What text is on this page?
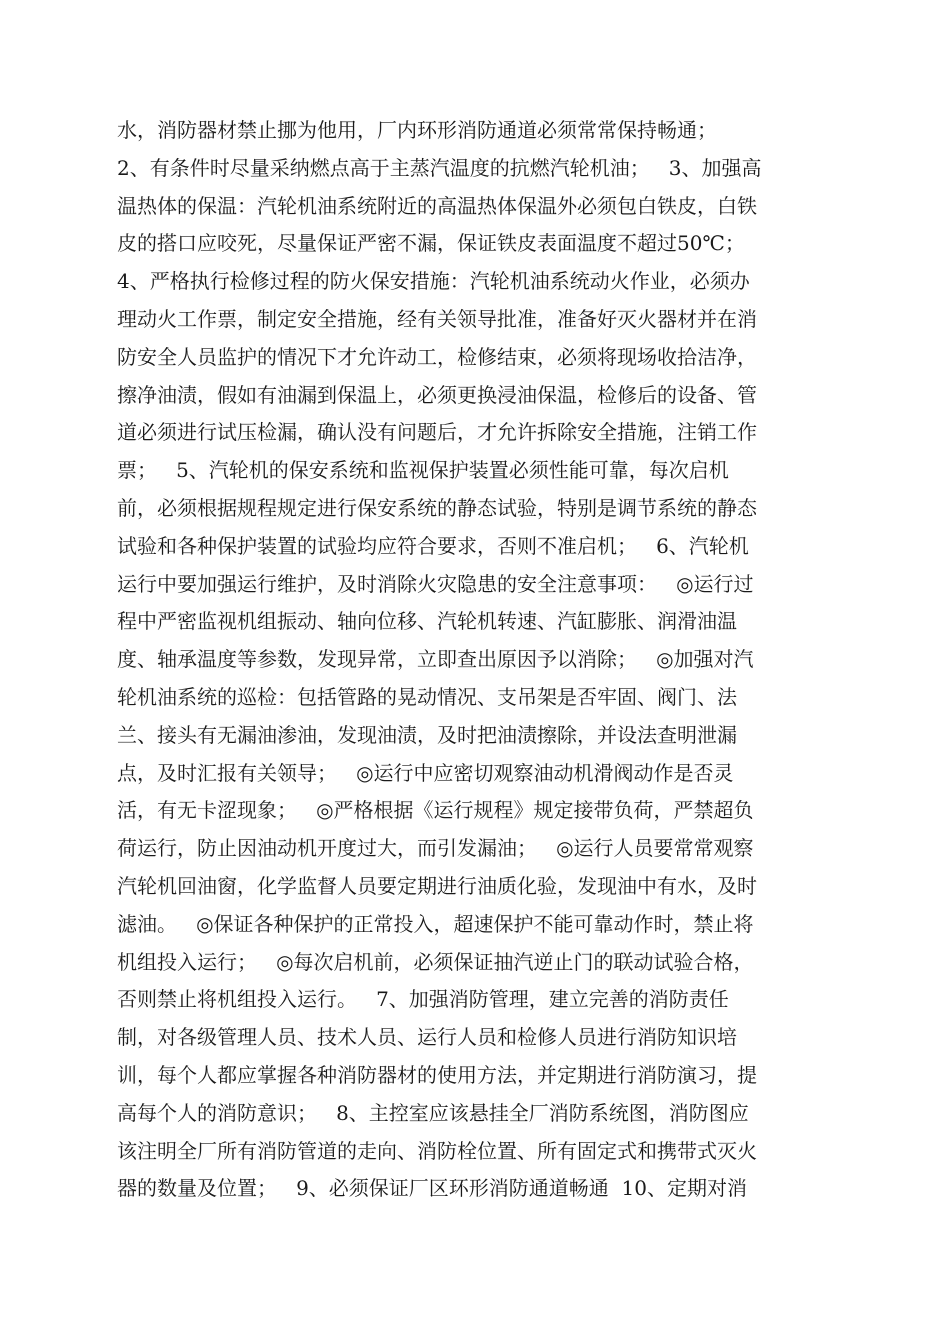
水，消防器材禁止挪为他用，厂内环形消防通道必须常常保持畅通；
2、有条件时尽量采纳燃点高于主蒸汽温度的抗燃汽轮机油；   3、加强高
温热体的保温：汽轮机油系统附近的高温热体保温外必须包白铁皮，白铁
皮的搭口应咬死，尽量保证严密不漏，保证铁皮表面温度不超过50℃；
4、严格执行检修过程的防火保安措施：汽轮机油系统动火作业，必须办
理动火工作票，制定安全措施，经有关领导批准，准备好灭火器材并在消
防安全人员监护的情况下才允许动工，检修结束，必须将现场收拾洁净，
擦净油渍，假如有油漏到保温上，必须更换浸油保温，检修后的设备、管
道必须进行试压检漏，确认没有问题后，才允许拆除安全措施，注销工作
票；   5、汽轮机的保安系统和监视保护装置必须性能可靠，每次启机
前，必须根据规程规定进行保安系统的静态试验，特别是调节系统的静态
试验和各种保护装置的试验均应符合要求，否则不准启机；   6、汽轮机
运行中要加强运行维护，及时消除火灾隐患的安全注意事项：   ◎运行过
程中严密监视机组振动、轴向位移、汽轮机转速、汽缸膨胀、润滑油温
度、轴承温度等参数，发现异常，立即查出原因予以消除；   ◎加强对汽
轮机油系统的巡检：包括管路的晃动情况、支吊架是否牢固、阀门、法
兰、接头有无漏油渗油，发现油渍，及时把油渍擦除，并设法查明泄漏
点，及时汇报有关领导；   ◎运行中应密切观察油动机滑阀动作是否灵
活，有无卡涩现象；   ◎严格根据《运行规程》规定接带负荷，严禁超负
荷运行，防止因油动机开度过大，而引发漏油；   ◎运行人员要常常观察
汽轮机回油窗，化学监督人员要定期进行油质化验，发现油中有水，及时
滤油。   ◎保证各种保护的正常投入，超速保护不能可靠动作时，禁止将
机组投入运行；   ◎每次启机前，必须保证抽汽逆止门的联动试验合格，
否则禁止将机组投入运行。   7、加强消防管理，建立完善的消防责任
制，对各级管理人员、技术人员、运行人员和检修人员进行消防知识培
训，每个人都应掌握各种消防器材的使用方法，并定期进行消防演习，提
高每个人的消防意识；   8、主控室应该悬挂全厂消防系统图，消防图应
该注明全厂所有消防管道的走向、消防栓位置、所有固定式和携带式灭火
器的数量及位置；   9、必须保证厂区环形消防通道畅通  10、定期对消
